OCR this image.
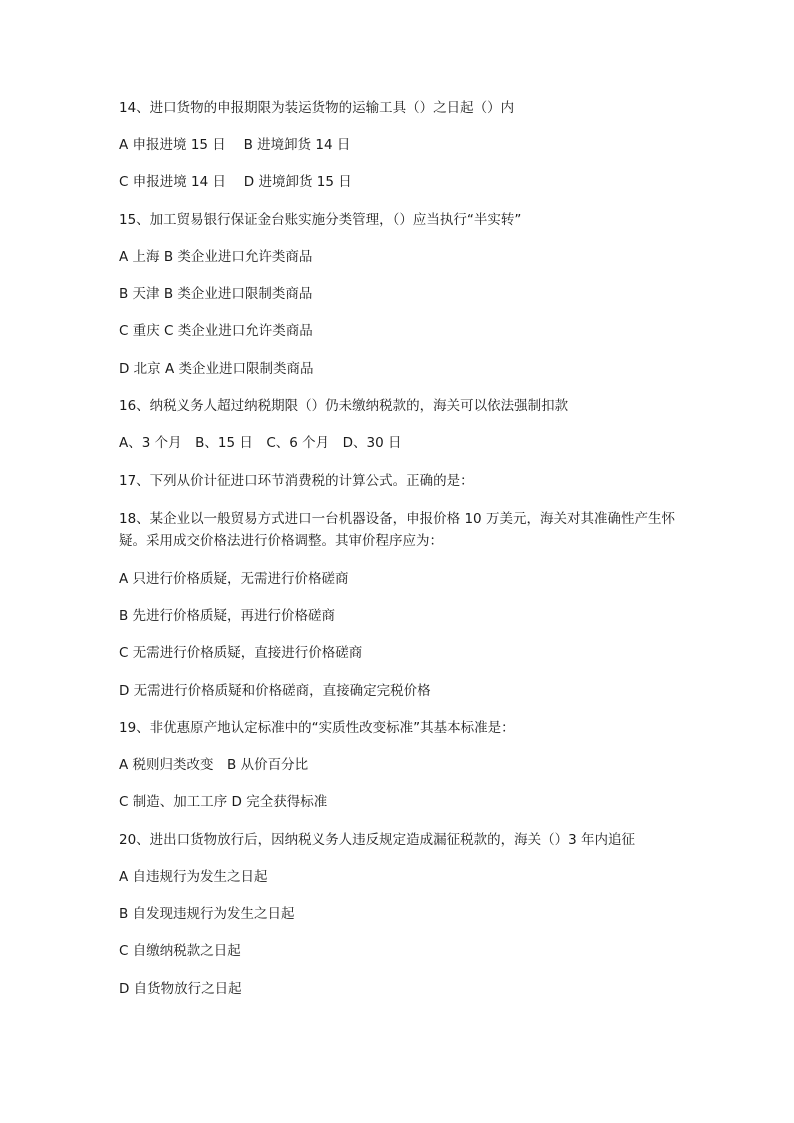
14、进口货物的申报期限为装运货物的运输工具（）之日起（）内
A 申报进境 15 日 　B 进境卸货 14 日
C 申报进境 14 日 　D 进境卸货 15 日
15、加工贸易银行保证金台账实施分类管理，（）应当执行“半实转”
A 上海 B 类企业进口允许类商品
B 天津 B 类企业进口限制类商品
C 重庆 C 类企业进口允许类商品
D 北京 A 类企业进口限制类商品
16、纳税义务人超过纳税期限（）仍未缴纳税款的，海关可以依法强制扣款
A、3 个月　B、15 日　C、6 个月　D、30 日
17、下列从价计征进口环节消费税的计算公式。正确的是：
18、某企业以一般贸易方式进口一台机器设备，申报价格 10 万美元，海关对其准确性产生怀疑。采用成交价格法进行价格调整。其审价程序应为：
A 只进行价格质疑，无需进行价格磋商
B 先进行价格质疑，再进行价格磋商
C 无需进行价格质疑，直接进行价格磋商
D 无需进行价格质疑和价格磋商，直接确定完税价格
19、非优惠原产地认定标准中的“实质性改变标准”其基本标准是：
A 税则归类改变　B 从价百分比
C 制造、加工工序 D 完全获得标准
20、进出口货物放行后，因纳税义务人违反规定造成漏征税款的，海关（）3 年内追征
A 自违规行为发生之日起
B 自发现违规行为发生之日起
C 自缴纳税款之日起
D 自货物放行之日起
